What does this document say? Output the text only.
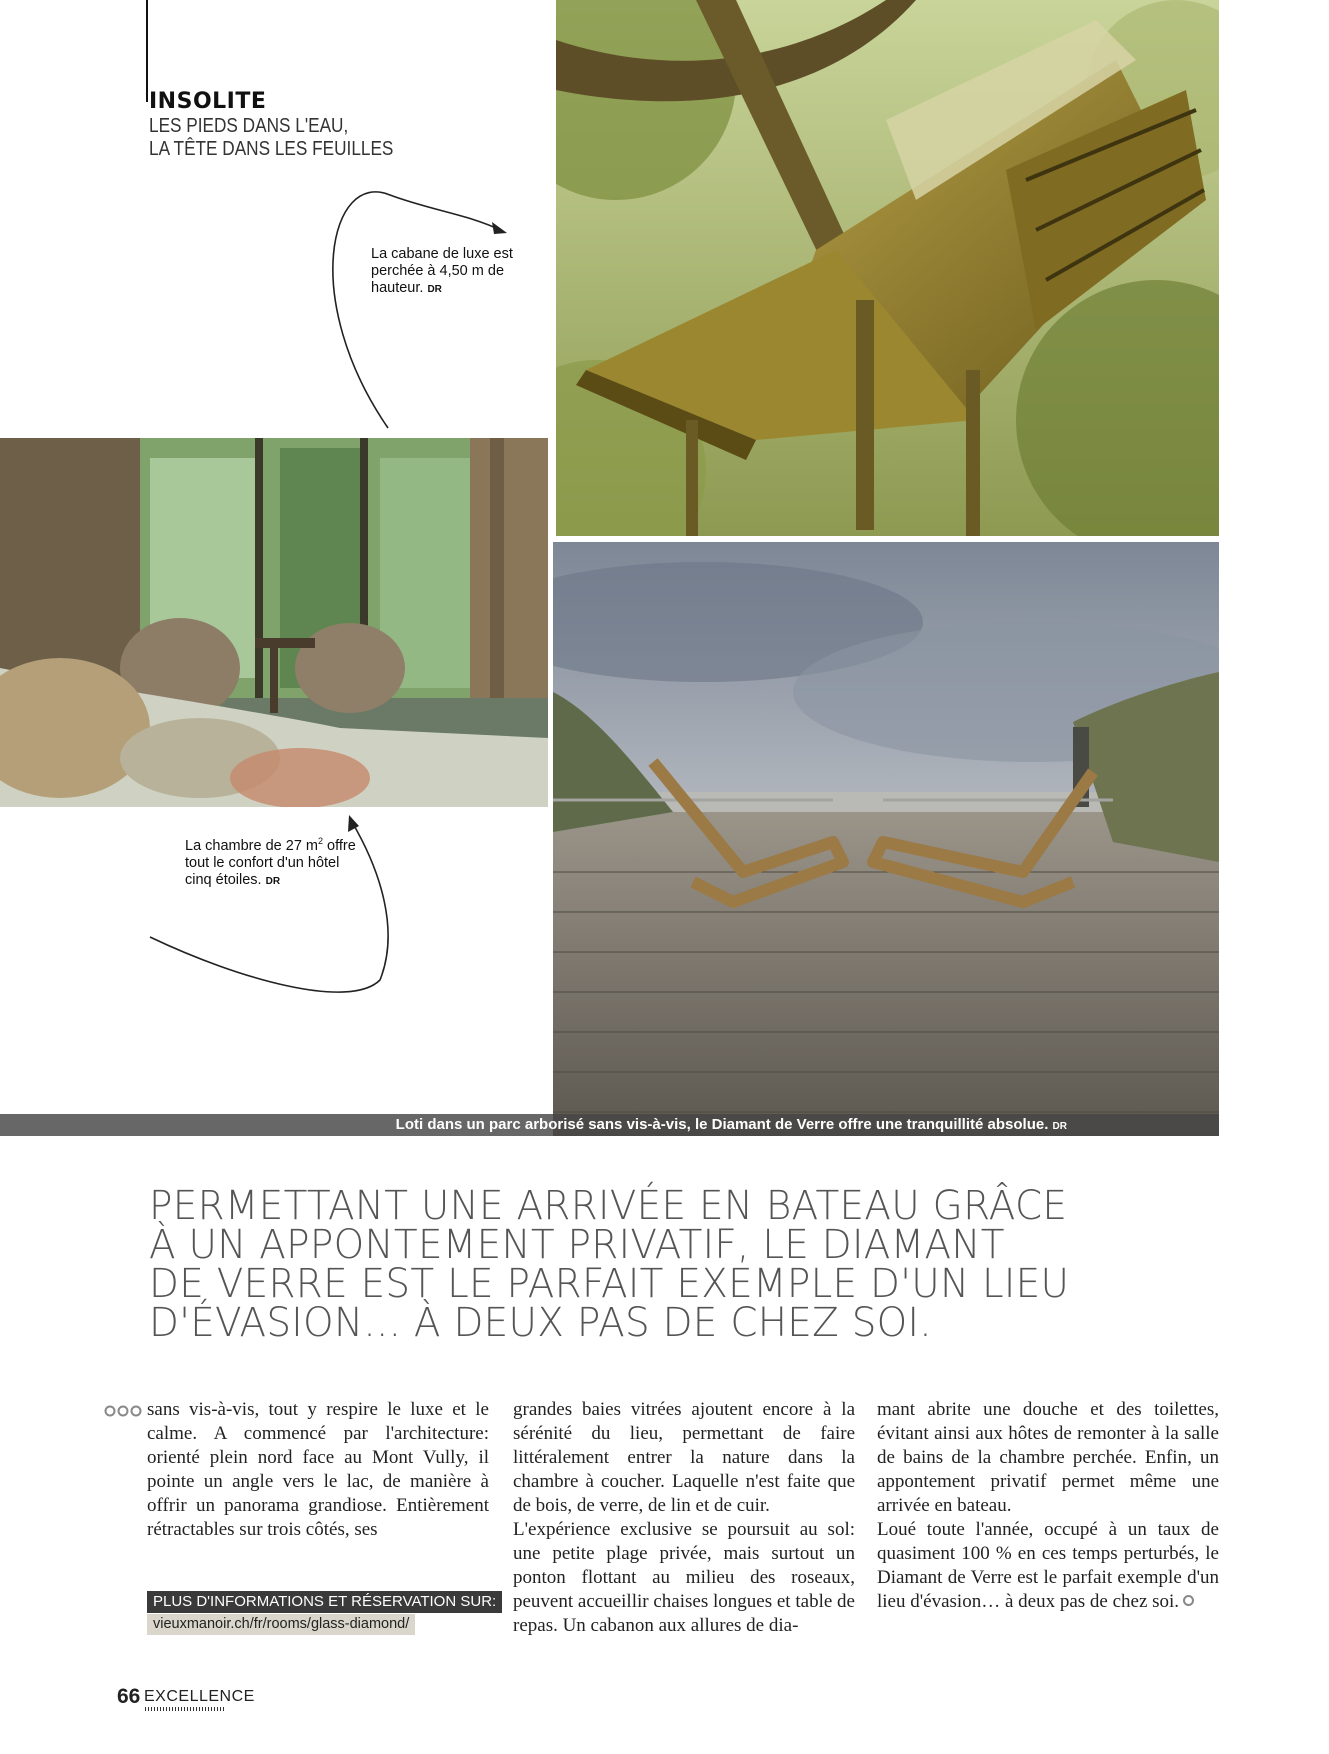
INSOLITE
LES PIEDS DANS L'EAU,
LA TÊTE DANS LES FEUILLES
La cabane de luxe est perchée à 4,50 m de hauteur. DR
La chambre de 27 $m^2$ offre tout le confort d'un hôtel cinq étoiles. DR
Loti dans un parc arborisé sans vis-à-vis, le Diamant de Verre offre une tranquillité absolue. DR
PERMETTANT UNE ARRIVÉE EN BATEAU GRÂCE
À UN APPONTEMENT PRIVATIF, LE DIAMANT
DE VERRE EST LE PARFAIT EXEMPLE D'UN LIEU
D'ÉVASION... À DEUX PAS DE CHEZ SOI.

sans vis-à-vis, tout y respire le luxe et le calme. A commencé par l'architecture: orienté plein nord face au Mont Vully, il pointe un angle vers le lac, de manière à offrir un panorama grandiose. Entièrement rétractables sur trois côtés, ses

grandes baies vitrées ajoutent encore à la sérénité du lieu, permettant de faire littéralement entrer la nature dans la chambre à coucher. Laquelle n'est faite que de bois, de verre, de lin et de cuir.

L'expérience exclusive se poursuit au sol: une petite plage privée, mais surtout un ponton flottant au milieu des roseaux, peuvent accueillir chaises longues et table de repas. Un cabanon aux allures de dia-

mant abrite une douche et des toilettes, évitant ainsi aux hôtes de remonter à la salle de bains de la chambre perchée. Enfin, un appontement privatif permet même une arrivée en bateau.

Loué toute l'année, occupé à un taux de quasiment 100 % en ces temps perturbés, le Diamant de Verre est le parfait exemple d'un lieu d'évasion… à deux pas de chez soi.

PLUS D'INFORMATIONS ET RÉSERVATION SUR:
vieuxmanoir.ch/fr/rooms/glass-diamond/
66 EXCELLENCE
